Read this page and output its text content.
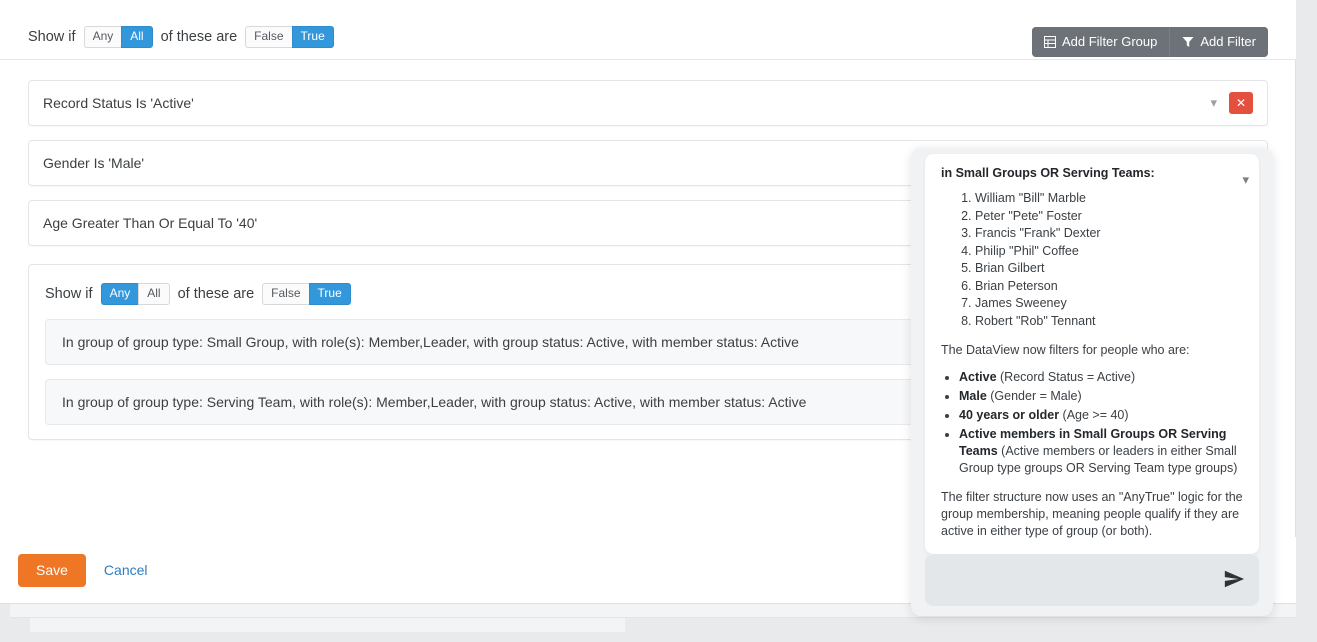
Show if	Any	All	of these are	False	True	Add Filter Group	Add Filter
Record Status Is 'Active'	▾	✕
Gender Is 'Male'
Age Greater Than Or Equal To '40'
Show if	Any	All	of these are	False	True
In group of group type: Small Group, with role(s): Member,Leader, with group status: Active, with member status: Active
In group of group type: Serving Team, with role(s): Member,Leader, with group status: Active, with member status: Active
Save	Cancel
in Small Groups OR Serving Teams:
1. William "Bill" Marble
2. Peter "Pete" Foster
3. Francis "Frank" Dexter
4. Philip "Phil" Coffee
5. Brian Gilbert
6. Brian Peterson
7. James Sweeney
8. Robert "Rob" Tennant

The DataView now filters for people who are:

• Active (Record Status = Active)
• Male (Gender = Male)
• 40 years or older (Age >= 40)
• Active members in Small Groups OR Serving Teams (Active members or leaders in either Small Group type groups OR Serving Team type groups)

The filter structure now uses an "AnyTrue" logic for the group membership, meaning people qualify if they are active in either type of group (or both).

▾
